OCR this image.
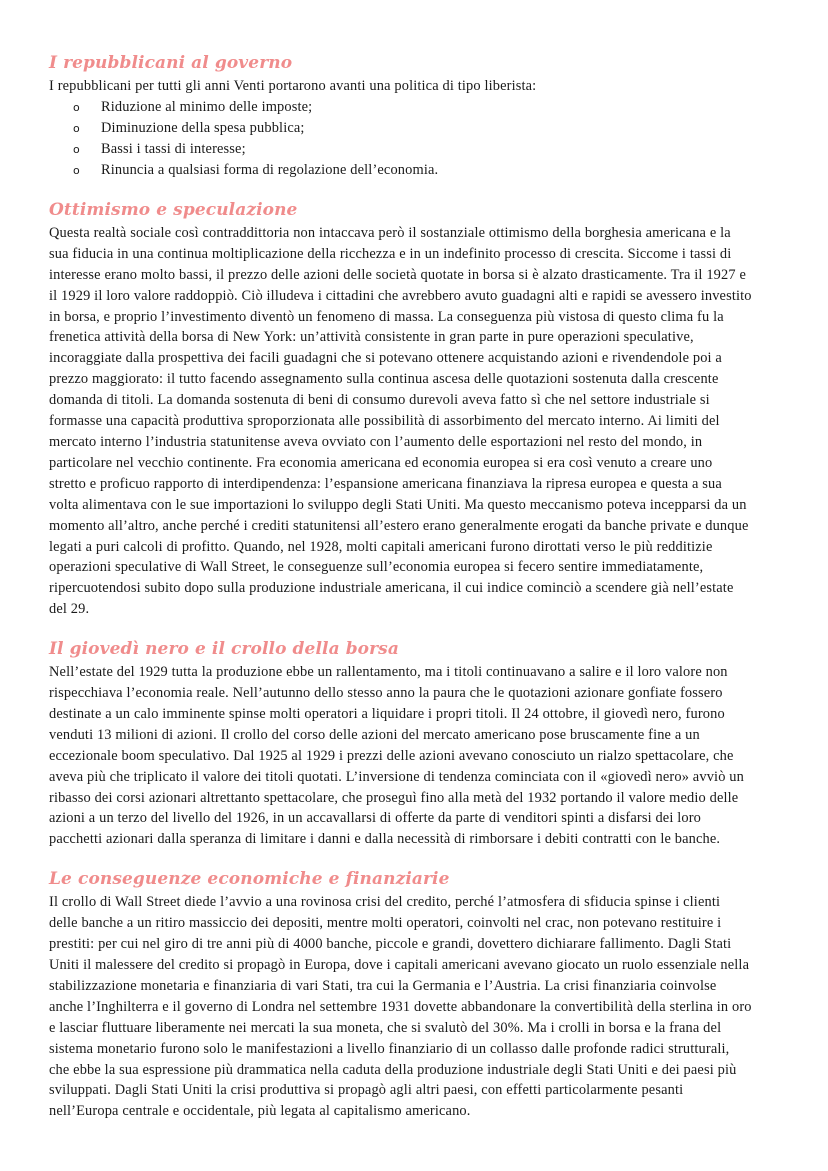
I repubblicani al governo

I repubblicani per tutti gli anni Venti portarono avanti una politica di tipo liberista:

o Riduzione al minimo delle imposte;
o Diminuzione della spesa pubblica;
o Bassi i tassi di interesse;
o Rinuncia a qualsiasi forma di regolazione dell’economia.
Ottimismo e speculazione

Questa realtà sociale così contraddittoria non intaccava però il sostanziale ottimismo della borghesia americana e la
sua fiducia in una continua moltiplicazione della ricchezza e in un indefinito processo di crescita. Siccome i tassi di
interesse erano molto bassi, il prezzo delle azioni delle società quotate in borsa si è alzato drasticamente. Tra il 1927 e
il 1929 il loro valore raddoppiò. Ciò illudeva i cittadini che avrebbero avuto guadagni alti e rapidi se avessero investito
in borsa, e proprio l’investimento diventò un fenomeno di massa. La conseguenza più vistosa di questo clima fu la
frenetica attività della borsa di New York: un’attività consistente in gran parte in pure operazioni speculative,
incoraggiate dalla prospettiva dei facili guadagni che si potevano ottenere acquistando azioni e rivendendole poi a
prezzo maggiorato: il tutto facendo assegnamento sulla continua ascesa delle quotazioni sostenuta dalla crescente
domanda di titoli. La domanda sostenuta di beni di consumo durevoli aveva fatto sì che nel settore industriale si
formasse una capacità produttiva sproporzionata alle possibilità di assorbimento del mercato interno. Ai limiti del
mercato interno l’industria statunitense aveva ovviato con l’aumento delle esportazioni nel resto del mondo, in
particolare nel vecchio continente. Fra economia americana ed economia europea si era così venuto a creare uno
stretto e proficuo rapporto di interdipendenza: l’espansione americana finanziava la ripresa europea e questa a sua
volta alimentava con le sue importazioni lo sviluppo degli Stati Uniti. Ma questo meccanismo poteva incepparsi da un
momento all’altro, anche perché i crediti statunitensi all’estero erano generalmente erogati da banche private e dunque
legati a puri calcoli di profitto. Quando, nel 1928, molti capitali americani furono dirottati verso le più redditizie
operazioni speculative di Wall Street, le conseguenze sull’economia europea si fecero sentire immediatamente,
ripercuotendosi subito dopo sulla produzione industriale americana, il cui indice cominciò a scendere già nell’estate
del 29.

Il giovedì nero e il crollo della borsa

Nell’estate del 1929 tutta la produzione ebbe un rallentamento, ma i titoli continuavano a salire e il loro valore non
rispecchiava l’economia reale. Nell’autunno dello stesso anno la paura che le quotazioni azionare gonfiate fossero
destinate a un calo imminente spinse molti operatori a liquidare i propri titoli. Il 24 ottobre, il giovedì nero, furono
venduti 13 milioni di azioni. Il crollo del corso delle azioni del mercato americano pose bruscamente fine a un
eccezionale boom speculativo. Dal 1925 al 1929 i prezzi delle azioni avevano conosciuto un rialzo spettacolare, che
aveva più che triplicato il valore dei titoli quotati. L’inversione di tendenza cominciata con il «giovedì nero» avviò un
ribasso dei corsi azionari altrettanto spettacolare, che proseguì fino alla metà del 1932 portando il valore medio delle
azioni a un terzo del livello del 1926, in un accavallarsi di offerte da parte di venditori spinti a disfarsi dei loro
pacchetti azionari dalla speranza di limitare i danni e dalla necessità di rimborsare i debiti contratti con le banche.

Le conseguenze economiche e finanziarie

Il crollo di Wall Street diede l’avvio a una rovinosa crisi del credito, perché l’atmosfera di sfiducia spinse i clienti
delle banche a un ritiro massiccio dei depositi, mentre molti operatori, coinvolti nel crac, non potevano restituire i
prestiti: per cui nel giro di tre anni più di 4000 banche, piccole e grandi, dovettero dichiarare fallimento. Dagli Stati
Uniti il malessere del credito si propagò in Europa, dove i capitali americani avevano giocato un ruolo essenziale nella
stabilizzazione monetaria e finanziaria di vari Stati, tra cui la Germania e l’Austria. La crisi finanziaria coinvolse
anche l’Inghilterra e il governo di Londra nel settembre 1931 dovette abbandonare la convertibilità della sterlina in oro
e lasciar fluttuare liberamente nei mercati la sua moneta, che si svalutò del 30%. Ma i crolli in borsa e la frana del
sistema monetario furono solo le manifestazioni a livello finanziario di un collasso dalle profonde radici strutturali,
che ebbe la sua espressione più drammatica nella caduta della produzione industriale degli Stati Uniti e dei paesi più
sviluppati. Dagli Stati Uniti la crisi produttiva si propagò agli altri paesi, con effetti particolarmente pesanti
nell’Europa centrale e occidentale, più legata al capitalismo americano.
